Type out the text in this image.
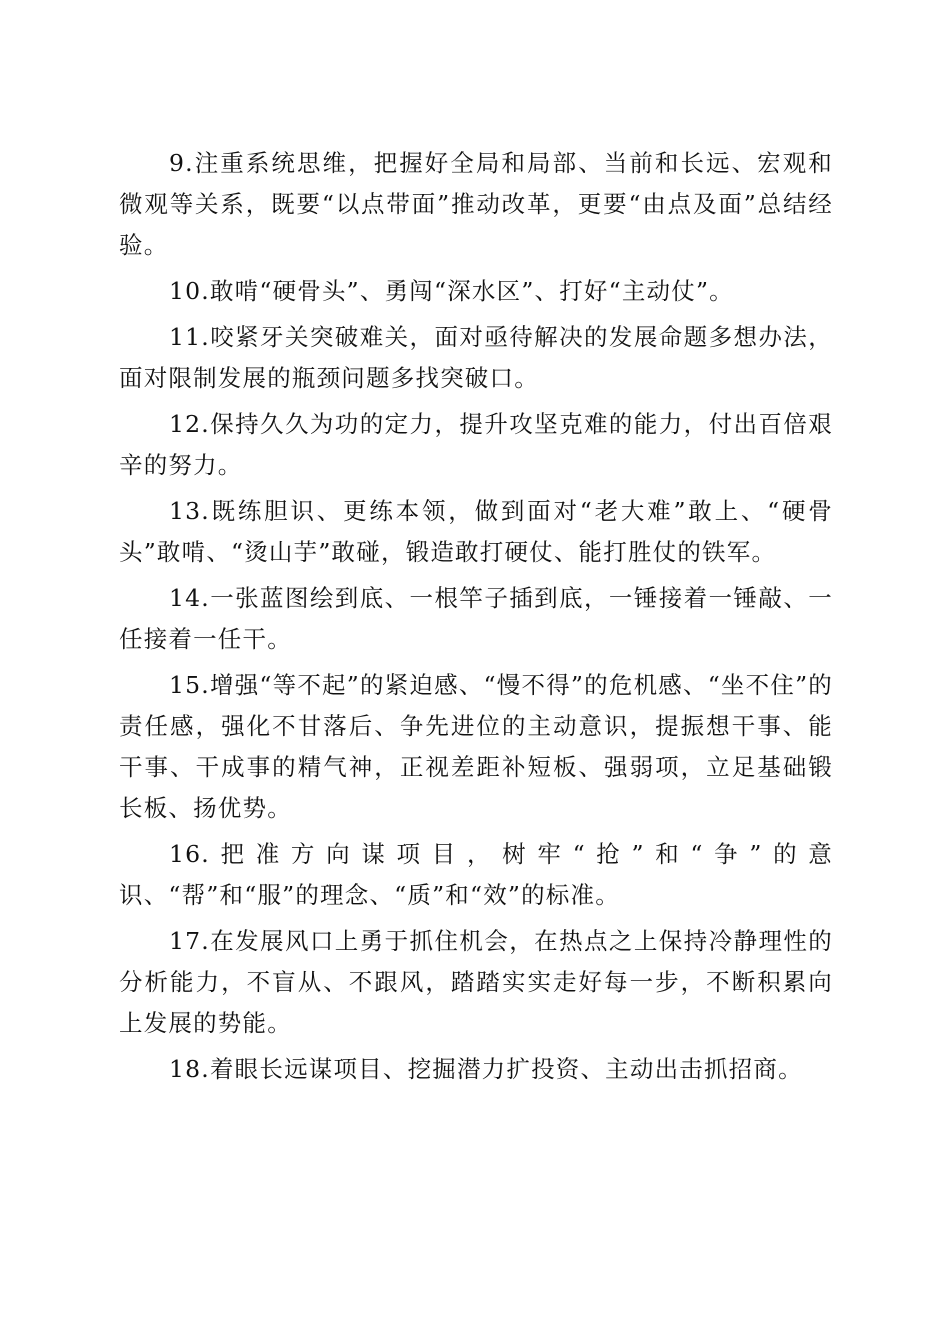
9.注重系统思维，把握好全局和局部、当前和长远、宏观和微观等关系，既要“以点带面”推动改革，更要“由点及面”总结经验。

10.敢啃“硬骨头”、勇闯“深水区”、打好“主动仗”。

11.咬紧牙关突破难关，面对亟待解决的发展命题多想办法，面对限制发展的瓶颈问题多找突破口。

12.保持久久为功的定力，提升攻坚克难的能力，付出百倍艰辛的努力。

13.既练胆识、更练本领，做到面对“老大难”敢上、“硬骨头”敢啃、“烫山芋”敢碰，锻造敢打硬仗、能打胜仗的铁军。

14.一张蓝图绘到底、一根竿子插到底，一锤接着一锤敲、一任接着一任干。

15.增强“等不起”的紧迫感、“慢不得”的危机感、“坐不住”的责任感，强化不甘落后、争先进位的主动意识，提振想干事、能干事、干成事的精气神，正视差距补短板、强弱项，立足基础锻长板、扬优势。

16.把准方向谋项目，树牢“抢”和“争”的意识、“帮”和“服”的理念、“质”和“效”的标准。

17.在发展风口上勇于抓住机会，在热点之上保持冷静理性的分析能力，不盲从、不跟风，踏踏实实走好每一步，不断积累向上发展的势能。

18.着眼长远谋项目、挖掘潜力扩投资、主动出击抓招商。
